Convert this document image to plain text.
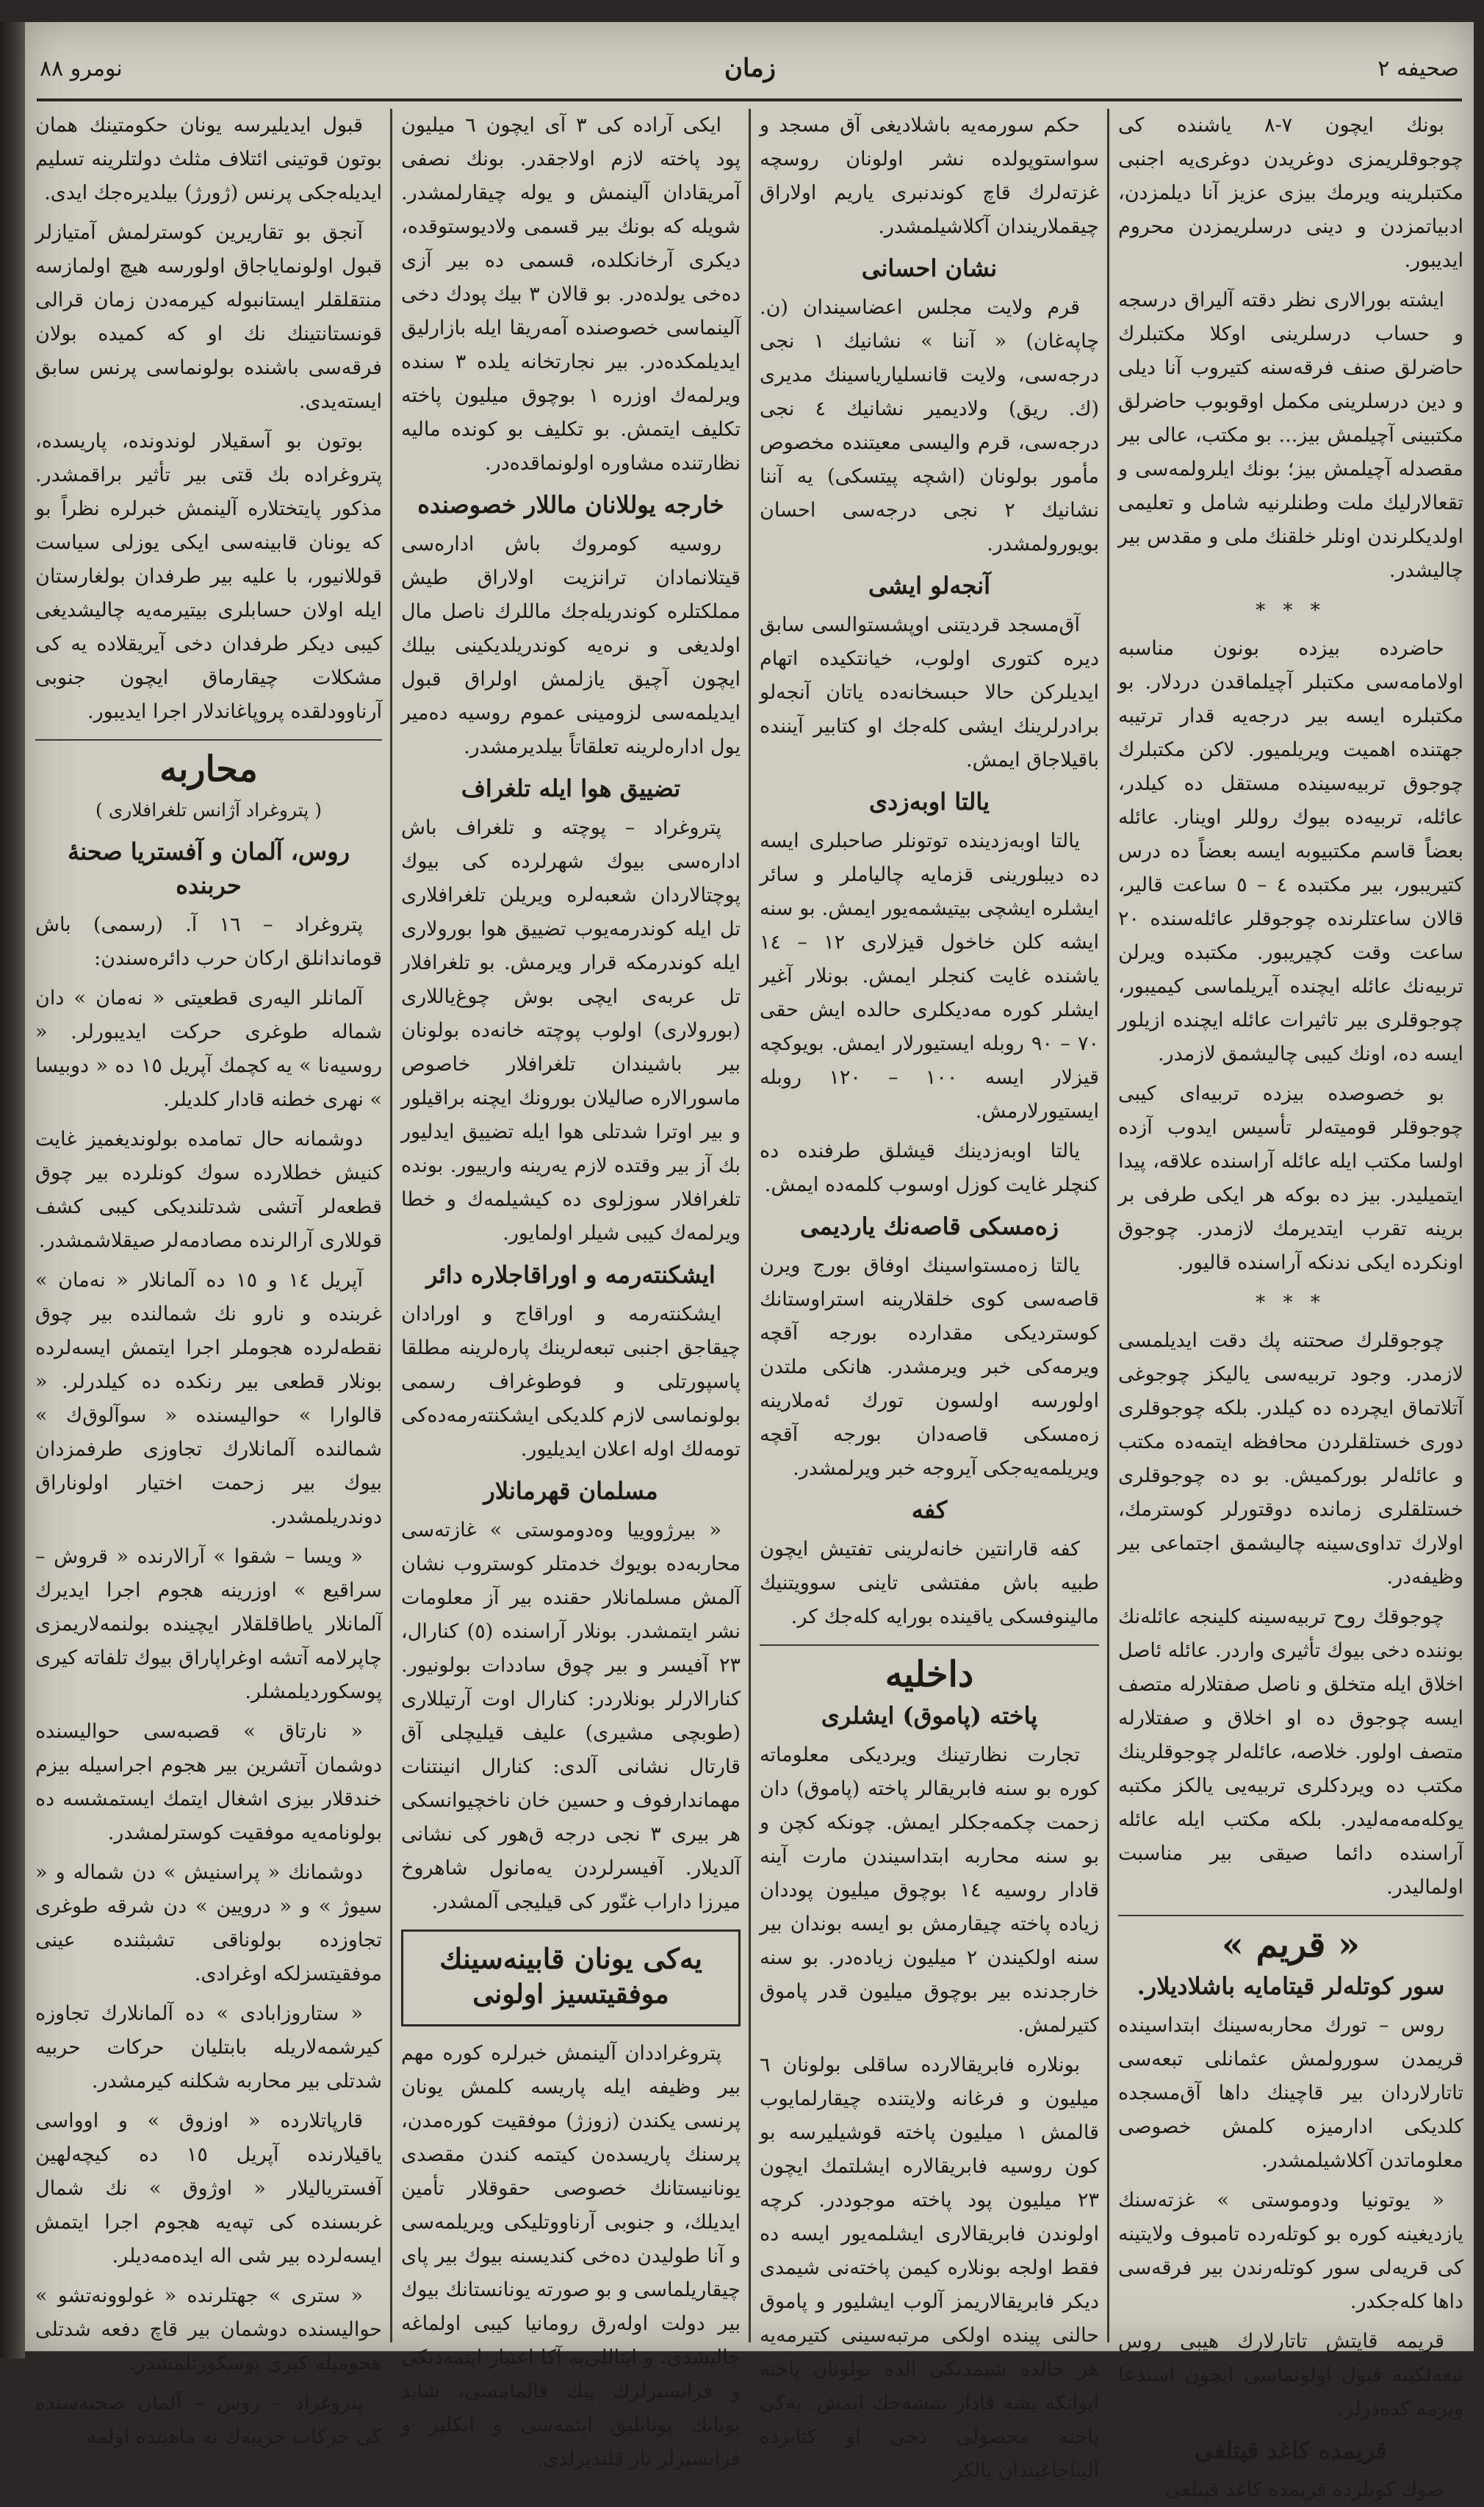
صحیفه ۲
زمان
نومرو ۸۸

بونك ایچون ۷-۸ یاشنده کی چوجوقلریمزی دوغریدن دوغری‌یه اجنبی مکتبلرینه ویرمك بیزی عزیز آنا دیلمزدن، ادبیاتمزدن و دینی درسلریمزدن محروم ایدیبور.

ایشته بورالاری نظر دقته آلیراق درسجه و حساب درسلرینی اوکلا مکتبلرك حاضرلق صنف فرقه‌سنه کتیروب آنا دیلی و دین درسلرینی مکمل اوقوبوب حاضرلق مکتبینی آچیلمش بیز... بو مکتب، عالی بیر مقصدله آچیلمش بیز؛ بونك ایلرولمه‌سی و تقعالارلیك ملت وطنلرنیه شامل و تعلیمی اولدیکلرندن اونلر خلقنك ملی و مقدس بیر چالیشدر.

* * *

حاضرده بیزده بونون مناسبه اولامامه‌سی مکتبلر آچیلماقدن دردلار. بو مکتبلره ایسه بیر درجه‌یه قدار ترتیبه جهتنده اهمیت ویریلمیور. لاکن مکتبلرك چوجوق تربیه‌سینده مستقل ده کیلدر، عائله، تربیه‌ده بیوك روللر اوینار. عائله بعضاً قاسم مکتبیوبه ایسه بعضاً ده درس کتیریبور، بیر مکتبده ٤ – ٥ ساعت قالیر، قالان ساعتلرنده چوجوقلر عائله‌سنده ۲۰ ساعت وقت کچیریبور. مکتبده ویرلن تربیه‌نك عائله ایچنده آیریلماسی کیمیبور، چوجوقلری بیر تاثیرات عائله ایچنده ازیلور ایسه ده، اونك کیبی چالیشمق لازمدر.

بو خصوصده بیزده تربیه‌ای‌ کیبی چوجوقلر قومیته‌لر تأسیس ایدوب آزده اولسا مکتب ایله عائله آراسنده علاقه، پیدا ایتمیلیدر. بیز ده بوکه هر ایکی طرفی بر برینه تقرب ایتدیرمك لازمدر. چوجوق اونکرده ایکی ندنکه آراسنده قالیور.

* * *

چوجوقلرك صحتنه پك دقت ایدیلمسی لازمدر. وجود تربیه‌سی یالیکز چوجوغی آتلاتماق ایچرده ده کیلدر. بلکه چوجوقلری دوری خستلقلردن محافظه ایتمه‌ده مکتب و عائله‌لر بوركمیش. بو ده چوجوقلری خستلقلری زمانده دوقتورلر کوسترمك، اولارك تداوی‌سینه چالیشمق اجتماعی بیر وظیفه‌در.

چوجوقك روح تربیه‌سینه کلینجه عائله‌نك بوننده دخی بیوك تأثیری واردر. عائله ئاصل اخلاق ایله متخلق و ناصل صفتلارله متصف ایسه چوجوق ده او اخلاق و صفتلارله متصف اولور. خلاصه، عائله‌لر چوجوقلرینك مکتب ده ویردکلری تربیه‌یی یالکز مکتبه یوکله‌مه‌مه‌لیدر. بلکه مکتب ایله عائله آراسنده دائما صیقی بیر مناسبت اولمالیدر.

« قریم »
سور کوتله‌لر قیتامایه باشلادیلار.

روس – تورك محاربه‌سینك ابتداسینده قریمدن سورولمش عثمانلی تبعه‌سی تاتارلاردان بیر قاچینك داها آق‌مسجده کلدیکی ادارمیزه کلمش خصوصی معلوماتدن آکلاشیلمشدر.

« یوتونیا ودوموستی » غزته‌سنك یازدیغینه کوره بو کوتله‌رده تامبوف ولایتینه کی قریه‌لی سور کوتله‌رندن بیر فرقه‌سی داها کله‌جکدر.

قریمه قایتش تاتارلارك هیبی روس تبعه‌لکینه قبول اولونماسی ایچون استدعا ویرمه کده‌درلر.

قریمده کاغد قیتلغی

صوك کونلرده قریمده کاغد قیتلغی

حکم سورمه‌یه باشلادیغی آق مسجد و سواستوپولده نشر اولونان روسچه غزته‌لرك قاچ کوندنبری یاریم اولاراق چیقملاریندان آکلاشیلمشدر.

نشان احسانی

قرم ولایت مجلس اعضاسیندان (ن. چاپه‌غان) « آننا » نشانیك ۱ نجی درجه‌سی، ولایت قانسلیاریاسینك مدیری (ك. ریق) ولادیمیر نشانیك ٤ نجی درجه‌سی، قرم والیسی معیتنده مخصوص مأمور بولونان (اشچه پیتسکی) یه آننا نشانیك ۲ نجی درجه‌سی احسان بویورولمشدر.

آنجه‌لو ایشی

آق‌مسجد قردیتنی اوپشستوالسی سابق دیره کتوری اولوب، خیانتکیده اتهام ایدیلرکن حالا حبسخانه‌ده یاتان آنجه‌لو برادرلرینك ایشی کله‌جك او کتابیر آیننده باقیلاجاق ایمش.

یالتا اوبه‌زدی

یالتا اوبه‌زدینده توتونلر صاحبلری ایسه ده دیبلورینی قزمایه چالیاملر و سائر ایشلره ایشچی بیتیشمه‌یور ایمش. بو سنه ایشه کلن خاخول قیزلاری ۱۲ – ۱٤ یاشنده غایت کنجلر ایمش. بونلار آغیر ایشلر کوره مه‌دیکلری حالده ایش حقی ۷۰ – ۹۰ روبله ایستیورلار ایمش. بویوکچه قیزلار ایسه ۱۰۰ – ۱۲۰ روبله ایستیورلارمش.

یالتا اوبه‌زدینك قیشلق طرفنده ده کنچلر غایت کوزل اوسوب کلمه‌ده ایمش.

زه‌مسکی قاصه‌نك یاردیمی

یالتا زه‌مستواسینك اوفاق بورج ویرن قاصه‌سی کوی خلقلارینه استراوستانك کوستردیکی مقدارده بورجه آقچه ویرمه‌کی خبر ویرمشدر. هانکی ملتدن اولورسه اولسون تورك ئه‌ملارینه زه‌مسکی قاصه‌دان بورجه آقچه ویریلمه‌یه‌جکی آیروجه خبر ویرلمشدر.

کفه

کفه قارانتین خانه‌لرینی تفتیش ایچون طبیه باش مفتشی تاینی سوویتنیك مالینوفسکی یاقینده بورایه کله‌جك کر.

داخلیه
پاخته (پاموق) ایشلری

تجارت نظارتینك ویردیکی معلوماته کوره بو سنه فابریقالر پاخته (پاموق) دان زحمت چکمه‌جکلر ایمش. چونکه کچن و بو سنه محاربه ابتداسیندن مارت آینه قادار روسیه ۱٤ بوچوق میلیون پوددان زیاده پاخته چیقارمش بو ایسه بوندان بیر سنه اولکیندن ۲ میلیون زیاده‌در. بو سنه خارجدنده بیر بوچوق میلیون قدر پاموق کتیرلمش.

بونلاره فابریقالارده ساقلی بولونان ٦ میلیون و فرغانه ولایتنده چیقارلمایوب قالمش ۱ میلیون پاخته قوشیلیرسه بو کون روسیه فابریقالاره ایشلتمك ایچون ۲۳ میلیون پود پاخته موجوددر. کرچه اولوندن فابریقالاری ایشلمه‌یور ایسه ده فقط اولجه بونلاره کیمن پاخته‌نی شیمدی دیکر فابریقالاریمز آلوب ایشلیور و پاموق حالنی پینده اولکی مرتبه‌سینی کتیرمه‌یه هر حالده شیمدیکی الده بولونان پاخته ایوانكه یشه قادار یتیشه‌جك ایمش. یه‌کی پاخته محصولی دخی او کتابرده آلیناجاغیندان یالکز

ایکی آراده کی ۳ آی ایچون ٦ میلیون پود پاخته لازم اولاجقدر. بونك نصفی آمریقادان آلینمش و یوله چیقارلمشدر. شویله که بونك بیر قسمی ولادیوستوقده، دیکری آرخانکلده، قسمی ده بیر آزی ده‌خی یولده‌در. بو قالان ۳ بیك پودك دخی آلینماسی خصوصنده آمه‌ریقا ایله بازارلیق ایدیلمکده‌در. بیر نجارتخانه یلده ۳ سنده ویرلمه‌ك اوزره ۱ بوچوق میلیون پاخته تکلیف ایتمش. بو تکلیف بو کونده مالیه نظارتنده مشاوره اولونماقده‌در.

خارجه یوللانان ماللار خصوصنده

روسیه کومروك باش اداره‌سی قیتلانمادان ترانزیت اولاراق طیش مملکتلره کوندریله‌جك ماللرك ناصل مال اولدیغی و نره‌یه کوندریلدیکینی بیلك ایچون آچیق یازلمش اولراق قبول ایدیلمه‌سی لزومینی عموم روسیه ده‌میر یول اداره‌لرینه تعلقاتاً بیلدیرمشدر.

تضییق هوا ایله تلغراف

پتروغراد – پوچته و تلغراف باش اداره‌سی بیوك شهرلرده کی بیوك پوچتالاردان شعبه‌لره ویریلن تلغرافلاری تل ایله کوندرمه‌یوب تضییق هوا بورولاری ایله کوندرمکه قرار ویرمش. بو تلغرافلار تل عربه‌ی ایچی بوش چوغ‌یاللاری (بورولاری) اولوب پوچته خانه‌ده بولونان بیر باشیندان تلغرافلار خاصوص ماسورالاره صالیلان بورونك ایچنه براقیلور و بیر اوترا شدتلی هوا ایله تضییق ایدلیور بك آز بیر وقتده لازم یه‌رینه وارییور. بونده تلغرافلار سوزلوی ده کیشیلمه‌ك و خطا ویرلمه‌ك کیبی شیلر اولمایور.

ایشکنته‌رمه و اوراقاجلاره دائر

ایشکنته‌رمه و اوراقاج و اورادان چیقاجق اجنبی تبعه‌لرینك پاره‌لرینه مطلقا پاسپورتلی و فوطوغراف رسمی بولونماسی لازم کلدیکی ایشکنته‌رمه‌ده‌کی تومه‌لك اوله اعلان ایدیلیور.

مسلمان قهرمانلار

« بیرژووییا وه‌دوموستی » غازته‌سی محاربه‌ده بویوك خدمتلر کوستروب نشان آلمش مسلمانلار حقنده بیر آز معلومات نشر ایتمشدر. بونلار آراسنده (٥) کنارال، ۲۳ آفیسر و بیر چوق ساددات بولونیور. کنارالارلر بونلاردر: کنارال اوت آرتیللاری (طوبچی مشیری) علیف قیلیچلی آق قارتال نشانی آلدی: کنارال انینتنات مهماندارفوف و حسین خان ناخچیوانسکی هر بیری ۳ نجی درجه ق‌هور کی نشانی آلدیلار. آفیسرلردن یه‌مانول شاهروخ میرزا داراب غنّور کی قیلیجی آلمشدر.

یه‌کی یونان قابینه‌سینك
موفقیتسیز اولونی

پتروغراددان آلینمش خبرلره کوره مهم بیر وظیفه ایله پاریسه کلمش یونان پرنسی یکندن (زوزژ) موفقیت کوره‌مدن، پرسنك پاریسده‌ن کیتمه کندن مقصدی یونانیستانك خصوصی حقوقلار تأمین ایدیلك، و جنوبی آرناووتلیکی ویریلمه‌سی و آنا طولیدن ده‌خی کندیسنه بیوك بیر پای چیقاریلماسی و بو صورته یونانستانك بیوك بیر دولت اوله‌رق رومانیا کیبی اولماغه چالیشدی، و ایتاللی‌یه آکا اعتبار ایتمه‌دیکی و فرانسیزلرك پیك قالمامسی، شاید یونانك یونانلیق ایتمه‌سی و انکلیز و فرانسیزلر تار قلندیرلدی.

قبول ایدیلیرسه یونان حکومتینك همان بوتون قوتینی ائتلاف مثلث دولتلرینه تسلیم ایدیله‌جکی پرنس (ژورژ) بیلدیره‌جك ایدی.

آنجق بو تقاریرین کوسترلمش آمتیازلر قبول اولونمایاجاق اولورسه هیچ اولمازسه منتقلقلر ایستانبوله کیرمه‌دن زمان قرالی قونستانتینك نك او که کمیده بولان فرقه‌سی باشنده بولونماسی پرنس سابق ایسته‌یدی.

بوتون بو آسقیلار لوندونده، پاریسده، پتروغراده بك قتی بیر تأثیر براقمشدر. مذکور پایتختلاره آلینمش خبرلره نظراً بو که یونان قابینه‌سی ایکی یوزلی سیاست قوللانیور، با علیه بیر طرفدان بولغارستان ایله اولان حسابلری بیتیرمه‌یه چالیشدیغی کیبی دیکر طرفدان دخی آیریقلاده یه کی مشکلات چیقارماق ایچون جنوبی آرناوودلقده پروپاغاندلار اجرا ایدیبور.

محاربه
( پتروغراد آژانس تلغرافلاری )
روس، آلمان و آفستریا صحنهٔ حربنده

پتروغراد – ۱٦ آ. (رسمی) باش قوماندانلق ارکان حرب دائره‌سندن:

آلمانلر الیه‌ری قطعیتی « نه‌مان » دان شماله طوغری حرکت ایدیبورلر. « روسیه‌نا » یه کچمك آپریل ۱٥ ده « دوبیسا » نهری خطنه قادار کلدیلر.

دوشمانه حال تمامده بولوندیغمیز غایت کنیش خطلارده سوك کونلرده بیر چوق قطعه‌لر آتشی شدتلندیکی کیبی کشف قوللاری آرالرنده مصادمه‌لر صیقلاشمشدر.

آپریل ۱٤ و ۱٥ ده آلمانلار « نه‌مان » غربنده و نارو نك شمالنده بیر چوق نقطه‌لرده هجوملر اجرا ایتمش ایسه‌لرده بونلار قطعی بیر رنکده ده کیلدرلر. « قالوارا » حوالیسنده « سوآلوق‌ك » شمالنده آلمانلارك تجاوزی طرفمزدان بیوك بیر زحمت اختیار اولوناراق دوندریلمشدر.

« ویسا – شقوا » آرالارنده « قروش – سراقیع » اوزرینه هجوم اجرا ایدیرك آلمانلار یاطاقلقلار ایچینده بولنمه‌لاریمزی چاپرلامه آتشه اوغراپاراق بیوك تلفاته کیری پوسکوردیلمشلر.

« نارتاق » قصبه‌سی حوالیسنده دوشمان آتشرین بیر هجوم اجراسیله بیزم خندقلار بیزی اشغال ایتمك ایستمشسه ده بولونامه‌یه موفقیت کوسترلمشدر.

دوشمانك « پراسنیش » دن شماله و « سیوژ » و « درویین » دن شرقه طوغری تجاوزده بولوناقی تشبثنده عینی موفقیتسزلکه اوغرادی.

« ستاروزابادی » ده آلمانلارك تجاوزه کیرشمه‌لاریله بابتلیان حرکات حربیه شدتلی بیر محاربه شکلنه کیرمشدر.

قارپاتلارده « اوزوق » و اوواسی یاقیلارنده آپریل ۱٥ ده کیچه‌لهین آفستریالیلار « اوژوق » نك شمال غربسنده کی تپه‌یه هجوم اجرا ایتمش ایسه‌لرده بیر شی اله ایده‌مه‌دیلر.

« ستری » جهتلرنده « غولوونه‌تشو » حوالیسنده دوشمان بیر قاچ دفعه شدتلی هجومیله کیری پوسکورتلمشدر.

پتروغراد – روس – آلمان صحنه‌سنده کی حرکات حربیه‌ك نه ماهیتده اولمه
